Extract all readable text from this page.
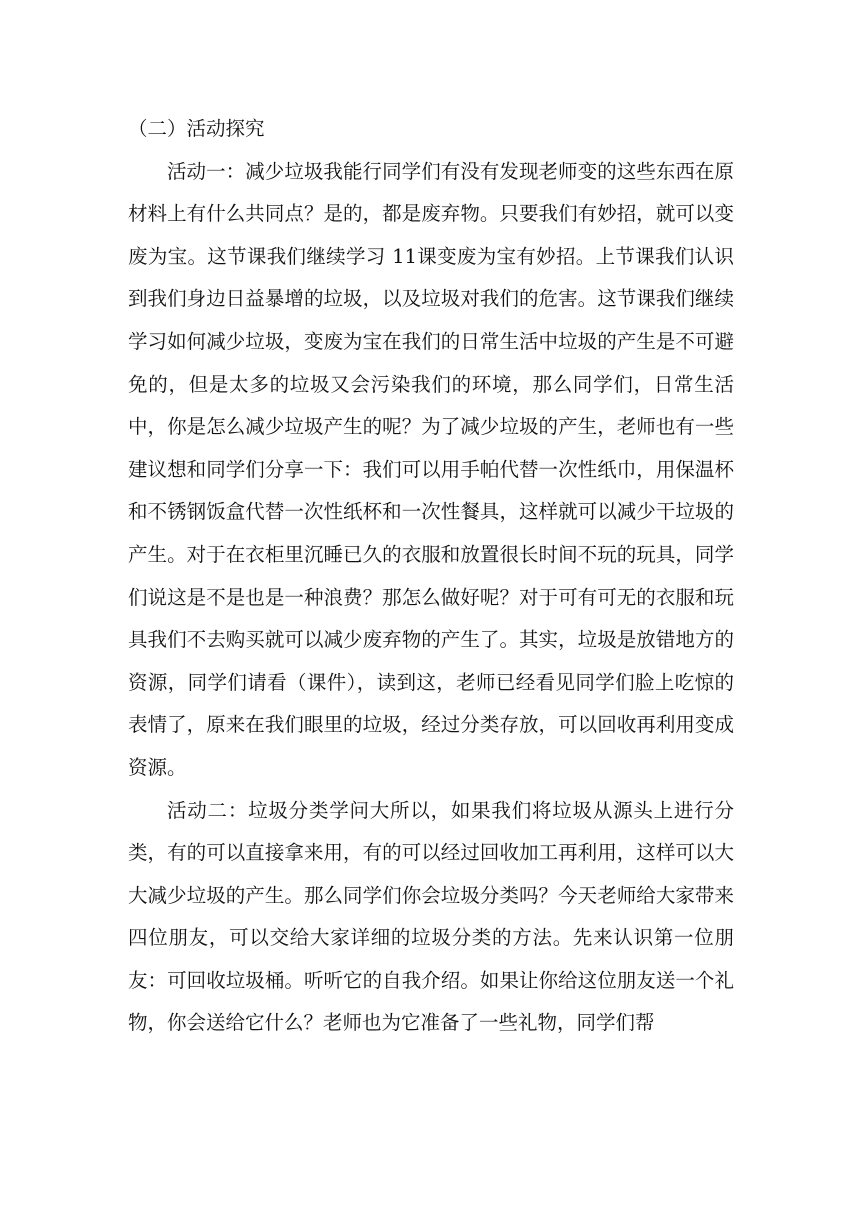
（二）活动探究

活动一：减少垃圾我能行同学们有没有发现老师变的这些东西在原材料上有什么共同点？是的，都是废弃物。只要我们有妙招，就可以变废为宝。这节课我们继续学习 11课变废为宝有妙招。上节课我们认识到我们身边日益暴增的垃圾，以及垃圾对我们的危害。这节课我们继续学习如何减少垃圾，变废为宝在我们的日常生活中垃圾的产生是不可避免的，但是太多的垃圾又会污染我们的环境，那么同学们，日常生活中，你是怎么减少垃圾产生的呢？为了减少垃圾的产生，老师也有一些建议想和同学们分享一下：我们可以用手帕代替一次性纸巾，用保温杯和不锈钢饭盒代替一次性纸杯和一次性餐具，这样就可以减少干垃圾的产生。对于在衣柜里沉睡已久的衣服和放置很长时间不玩的玩具，同学们说这是不是也是一种浪费？那怎么做好呢？对于可有可无的衣服和玩具我们不去购买就可以减少废弃物的产生了。其实，垃圾是放错地方的资源，同学们请看（课件），读到这，老师已经看见同学们脸上吃惊的表情了，原来在我们眼里的垃圾，经过分类存放，可以回收再利用变成资源。

活动二：垃圾分类学问大所以，如果我们将垃圾从源头上进行分类，有的可以直接拿来用，有的可以经过回收加工再利用，这样可以大大减少垃圾的产生。那么同学们你会垃圾分类吗？今天老师给大家带来四位朋友，可以交给大家详细的垃圾分类的方法。先来认识第一位朋友：可回收垃圾桶。听听它的自我介绍。如果让你给这位朋友送一个礼物，你会送给它什么？老师也为它准备了一些礼物，同学们帮
